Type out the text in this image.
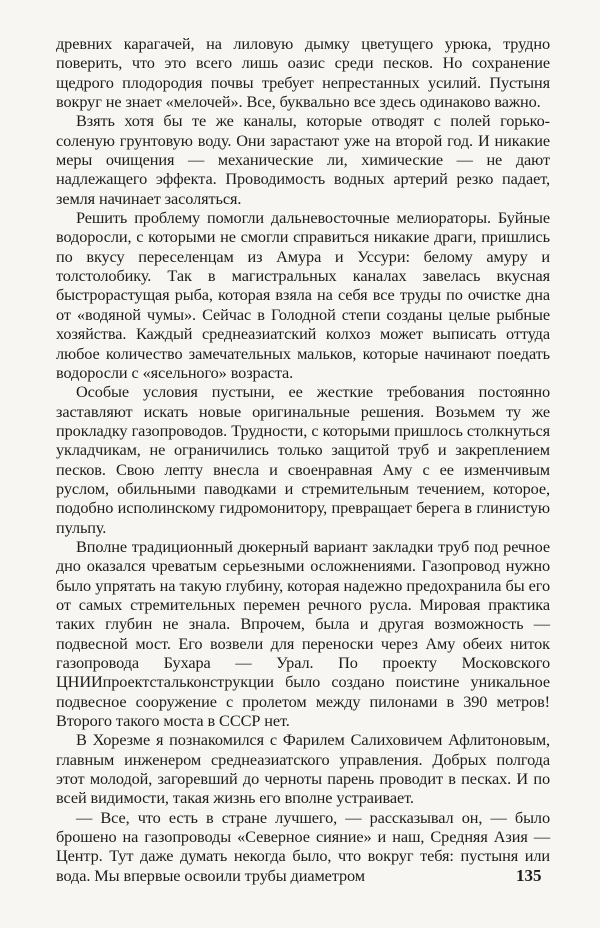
древних карагачей, на лиловую дымку цветущего урюка, трудно поверить, что это всего лишь оазис среди песков. Но сохранение щедрого плодородия почвы требует непрестанных усилий. Пустыня вокруг не знает «мелочей». Все, буквально все здесь одинаково важно.

Взять хотя бы те же каналы, которые отводят с полей горько-соленую грунтовую воду. Они зарастают уже на второй год. И никакие меры очищения — механические ли, химические — не дают надлежащего эффекта. Проводимость водных артерий резко падает, земля начинает засоляться.

Решить проблему помогли дальневосточные мелиораторы. Буйные водоросли, с которыми не смогли справиться никакие драги, пришлись по вкусу переселенцам из Амура и Уссури: белому амуру и толстолобику. Так в магистральных каналах завелась вкусная быстрорастущая рыба, которая взяла на себя все труды по очистке дна от «водяной чумы». Сейчас в Голодной степи созданы целые рыбные хозяйства. Каждый среднеазиатский колхоз может выписать оттуда любое количество замечательных мальков, которые начинают поедать водоросли с «ясельного» возраста.

Особые условия пустыни, ее жесткие требования постоянно заставляют искать новые оригинальные решения. Возьмем ту же прокладку газопроводов. Трудности, с которыми пришлось столкнуться укладчикам, не ограничились только защитой труб и закреплением песков. Свою лепту внесла и своенравная Аму с ее изменчивым руслом, обильными паводками и стремительным течением, которое, подобно исполинскому гидромонитору, превращает берега в глинистую пульпу.

Вполне традиционный дюкерный вариант закладки труб под речное дно оказался чреватым серьезными осложнениями. Газопровод нужно было упрятать на такую глубину, которая надежно предохранила бы его от самых стремительных перемен речного русла. Мировая практика таких глубин не знала. Впрочем, была и другая возможность — подвесной мост. Его возвели для переноски через Аму обеих ниток газопровода Бухара — Урал. По проекту Московского ЦНИИпроектстальконструкции было создано поистине уникальное подвесное сооружение с пролетом между пилонами в 390 метров! Второго такого моста в СССР нет.

В Хорезме я познакомился с Фарилем Салиховичем Афлитоновым, главным инженером среднеазиатского управления. Добрых полгода этот молодой, загоревший до черноты парень проводит в песках. И по всей видимости, такая жизнь его вполне устраивает.

— Все, что есть в стране лучшего, — рассказывал он, — было брошено на газопроводы «Северное сияние» и наш, Средняя Азия — Центр. Тут даже думать некогда было, что вокруг тебя: пустыня или вода. Мы впервые освоили трубы диаметром	135
